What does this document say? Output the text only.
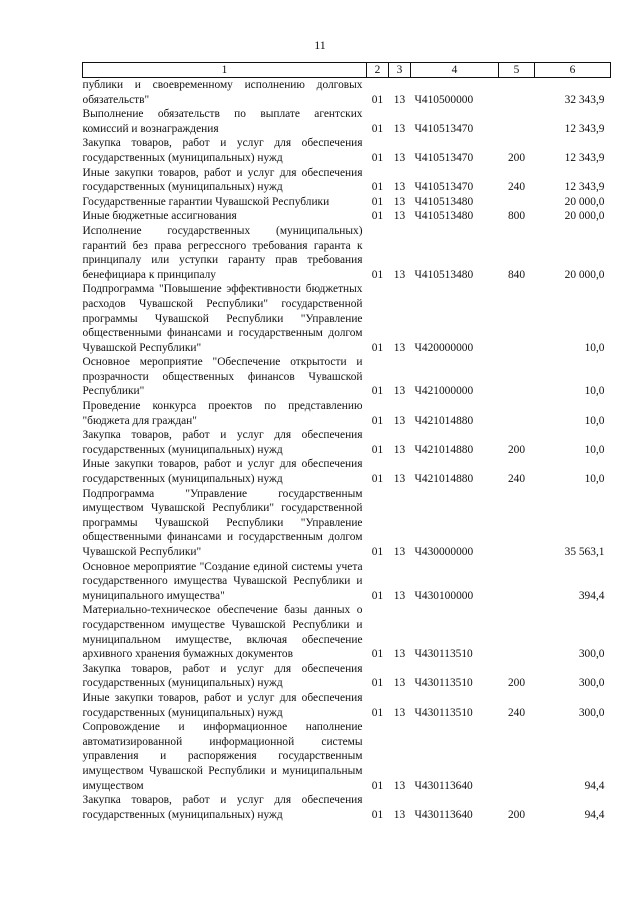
11
1	2	3	4	5	6
публики и своевременному исполнению долговых обязательств"	01	13	Ч410500000		32 343,9
Выполнение обязательств по выплате агентских комиссий и вознаграждения	01	13	Ч410513470		12 343,9
Закупка товаров, работ и услуг для обеспечения государственных (муниципальных) нужд	01	13	Ч410513470	200	12 343,9
Иные закупки товаров, работ и услуг для обеспечения государственных (муниципальных) нужд	01	13	Ч410513470	240	12 343,9
Государственные гарантии Чувашской Республики	01	13	Ч410513480		20 000,0
Иные бюджетные ассигнования	01	13	Ч410513480	800	20 000,0
Исполнение государственных (муниципальных) гарантий без права регрессного требования гаранта к принципалу или уступки гаранту прав требования бенефициара к принципалу	01	13	Ч410513480	840	20 000,0
Подпрограмма "Повышение эффективности бюджетных расходов Чувашской Республики" государственной программы Чувашской Республики "Управление общественными финансами и государственным долгом Чувашской Республики"	01	13	Ч420000000		10,0
Основное мероприятие "Обеспечение открытости и прозрачности общественных финансов Чувашской Республики"	01	13	Ч421000000		10,0
Проведение конкурса проектов по представлению "бюджета для граждан"	01	13	Ч421014880		10,0
Закупка товаров, работ и услуг для обеспечения государственных (муниципальных) нужд	01	13	Ч421014880	200	10,0
Иные закупки товаров, работ и услуг для обеспечения государственных (муниципальных) нужд	01	13	Ч421014880	240	10,0
Подпрограмма "Управление государственным имуществом Чувашской Республики" государственной программы Чувашской Республики "Управление общественными финансами и государственным долгом Чувашской Республики"	01	13	Ч430000000		35 563,1
Основное мероприятие "Создание единой системы учета государственного имущества Чувашской Республики и муниципального имущества"	01	13	Ч430100000		394,4
Материально-техническое обеспечение базы данных о государственном имуществе Чувашской Республики и муниципальном имуществе, включая обеспечение архивного хранения бумажных документов	01	13	Ч430113510		300,0
Закупка товаров, работ и услуг для обеспечения государственных (муниципальных) нужд	01	13	Ч430113510	200	300,0
Иные закупки товаров, работ и услуг для обеспечения государственных (муниципальных) нужд	01	13	Ч430113510	240	300,0
Сопровождение и информационное наполнение автоматизированной информационной системы управления и распоряжения государственным имуществом Чувашской Республики и муниципальным имуществом	01	13	Ч430113640		94,4
Закупка товаров, работ и услуг для обеспечения государственных (муниципальных) нужд	01	13	Ч430113640	200	94,4
